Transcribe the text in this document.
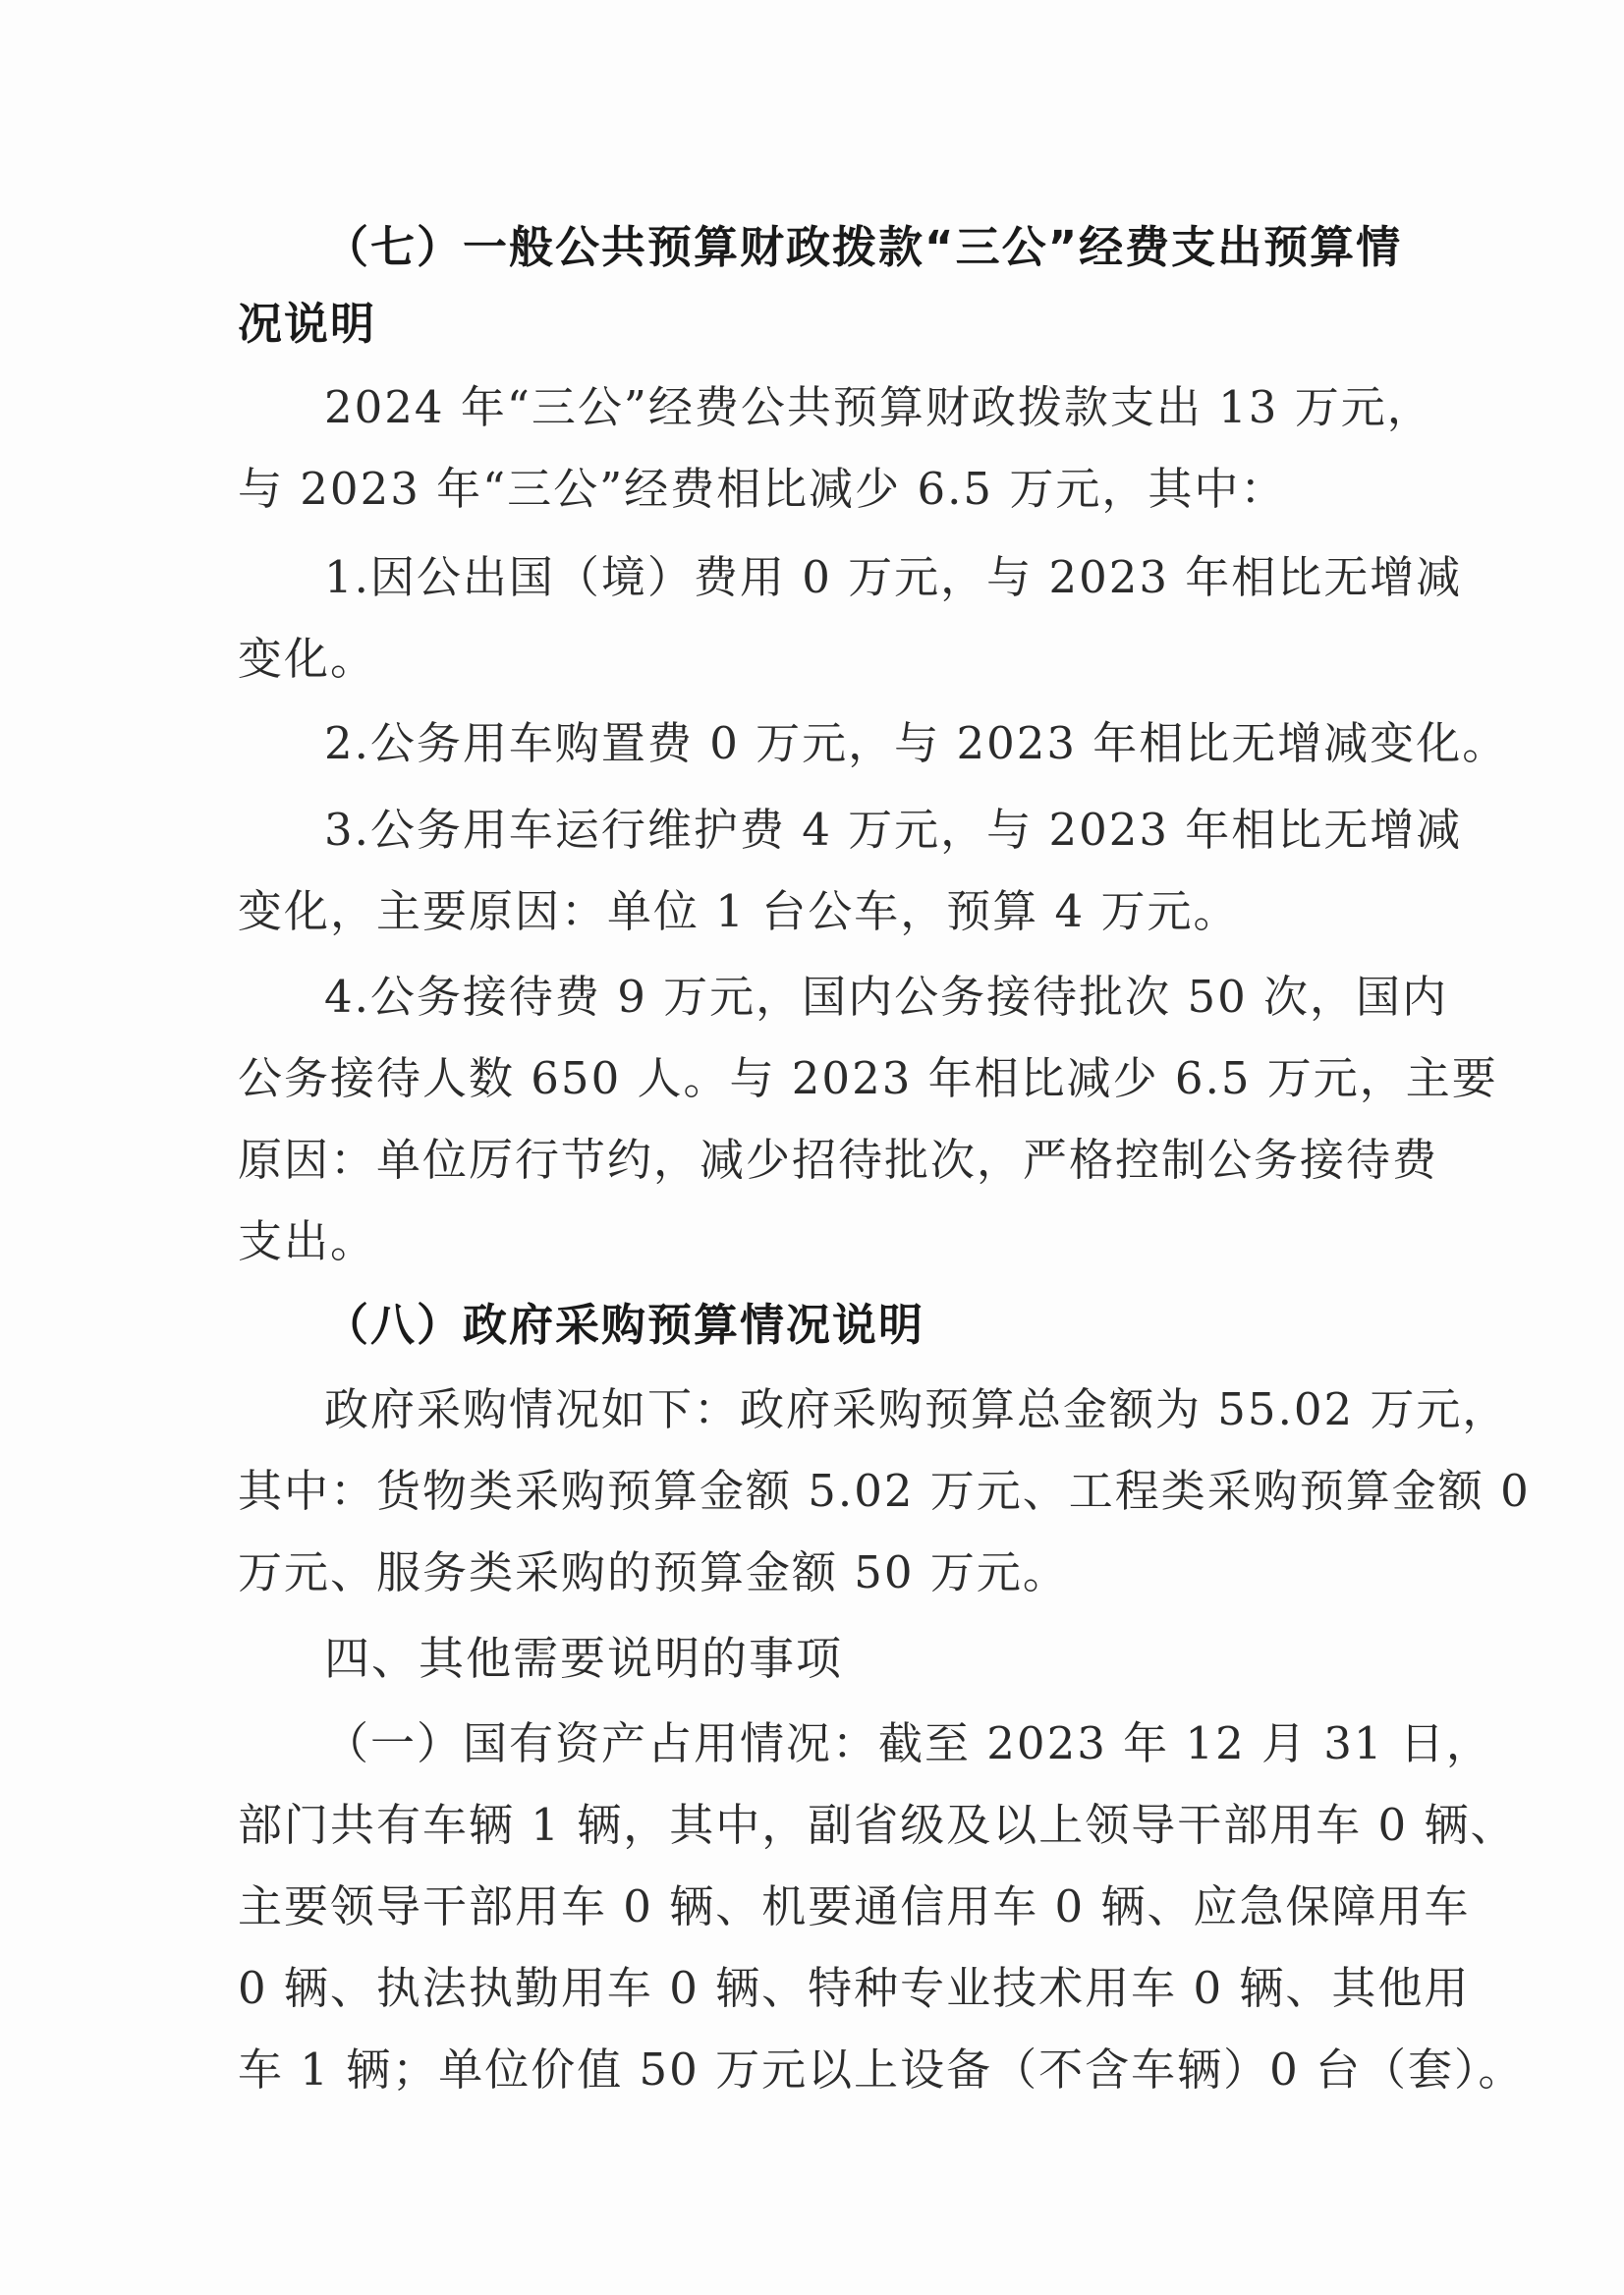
（七）一般公共预算财政拨款“三公”经费支出预算情
况说明
2024 年“三公”经费公共预算财政拨款支出 13 万元，
与 2023 年“三公”经费相比减少 6.5 万元，其中：
1.因公出国（境）费用 0 万元，与 2023 年相比无增减
变化。
2.公务用车购置费 0 万元，与 2023 年相比无增减变化。
3.公务用车运行维护费 4 万元，与 2023 年相比无增减
变化，主要原因：单位 1 台公车，预算 4 万元。
4.公务接待费 9 万元，国内公务接待批次 50 次，国内
公务接待人数 650 人。与 2023 年相比减少 6.5 万元，主要
原因：单位厉行节约，减少招待批次，严格控制公务接待费
支出。
（八）政府采购预算情况说明
政府采购情况如下：政府采购预算总金额为 55.02 万元，
其中：货物类采购预算金额 5.02 万元、工程类采购预算金额 0
万元、服务类采购的预算金额 50 万元。
四、其他需要说明的事项
（一）国有资产占用情况：截至 2023 年 12 月 31 日，
部门共有车辆 1 辆，其中，副省级及以上领导干部用车 0 辆、
主要领导干部用车 0 辆、机要通信用车 0 辆、应急保障用车
0 辆、执法执勤用车 0 辆、特种专业技术用车 0 辆、其他用
车 1 辆；单位价值 50 万元以上设备（不含车辆）0 台（套）。
